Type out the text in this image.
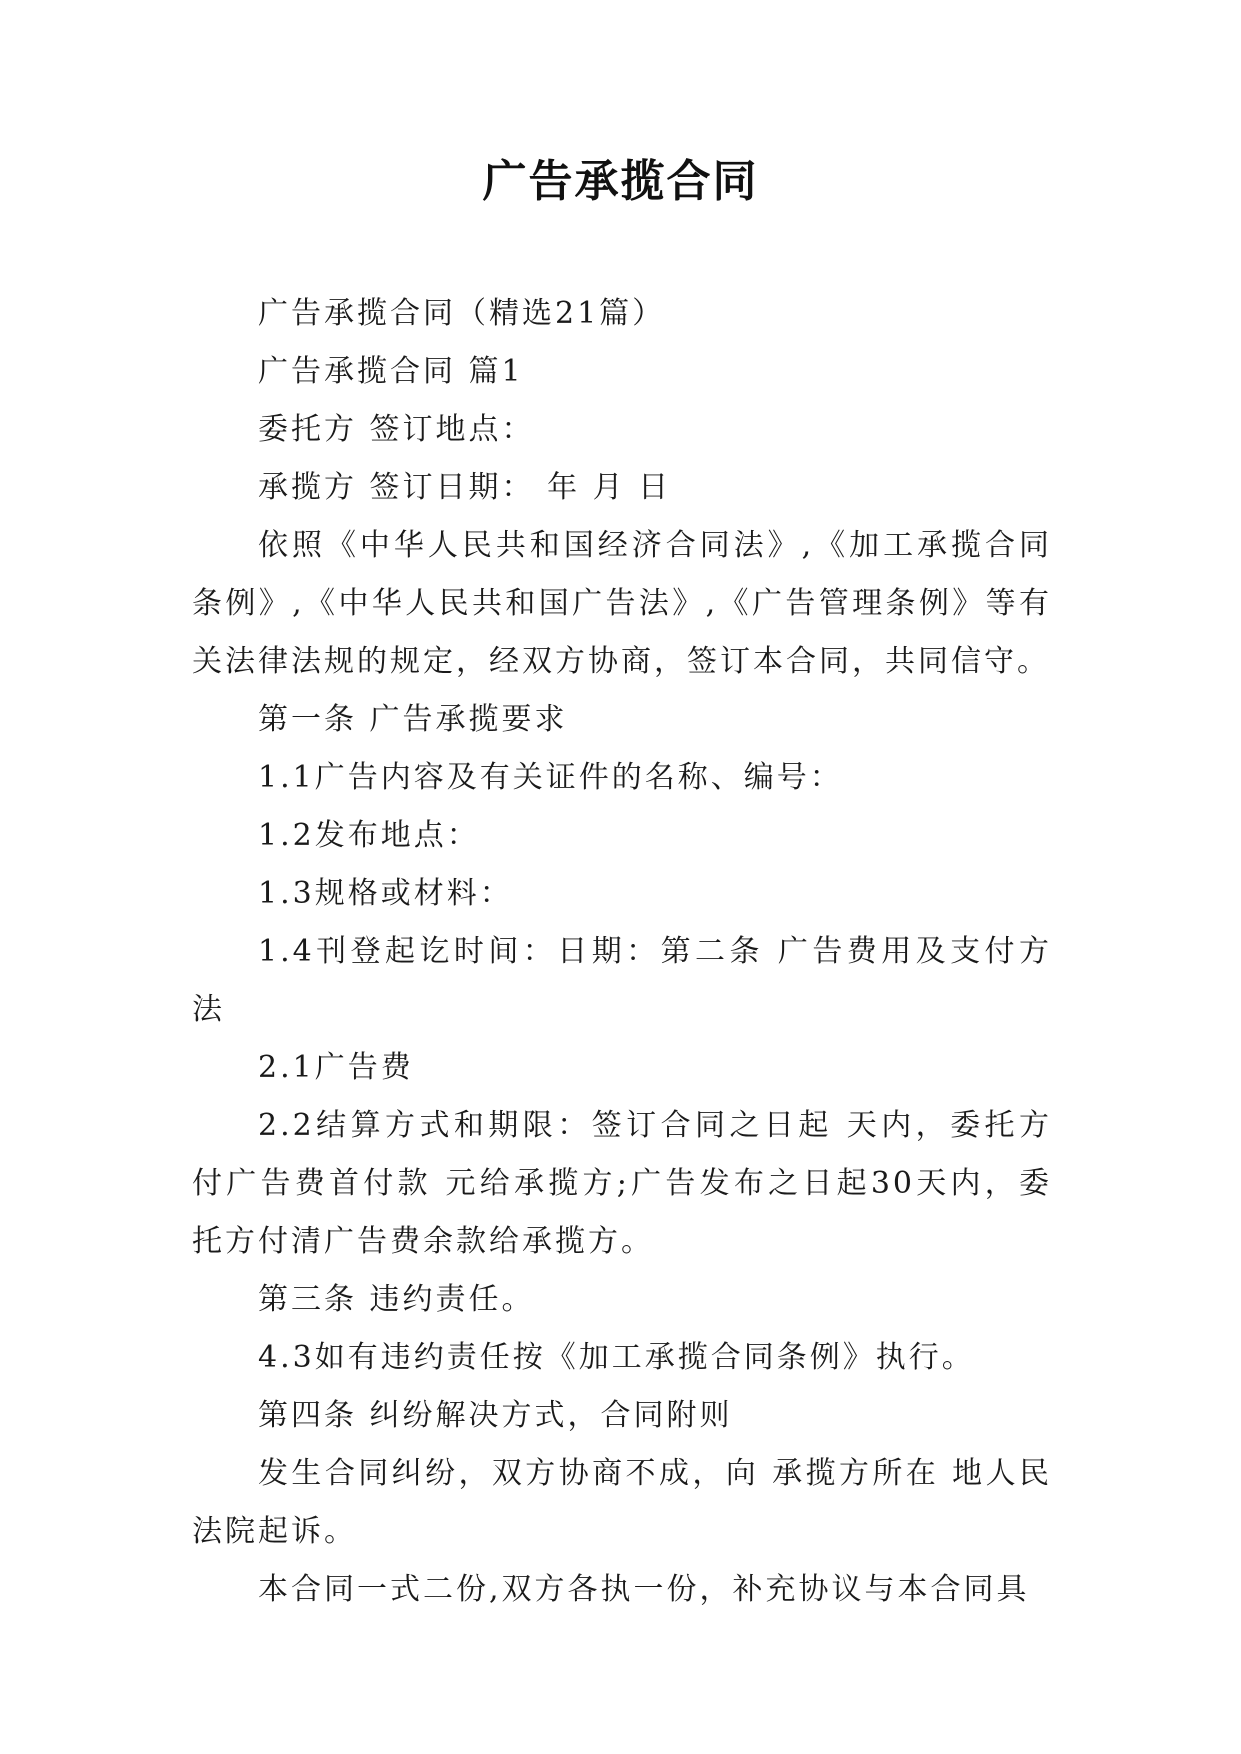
广告承揽合同

广告承揽合同（精选21篇）

广告承揽合同 篇1

委托方 签订地点：

承揽方 签订日期： 年 月 日

依照《中华人民共和国经济合同法》,《加工承揽合同条例》,《中华人民共和国广告法》,《广告管理条例》等有关法律法规的规定，经双方协商，签订本合同，共同信守。

第一条 广告承揽要求

1.1广告内容及有关证件的名称、编号：

1.2发布地点：

1.3规格或材料：

1.4刊登起讫时间：日期：第二条 广告费用及支付方法

2.1广告费

2.2结算方式和期限：签订合同之日起 天内，委托方付广告费首付款 元给承揽方;广告发布之日起30天内，委托方付清广告费余款给承揽方。

第三条 违约责任。

4.3如有违约责任按《加工承揽合同条例》执行。

第四条 纠纷解决方式，合同附则

发生合同纠纷，双方协商不成，向 承揽方所在 地人民法院起诉。

本合同一式二份,双方各执一份，补充协议与本合同具
